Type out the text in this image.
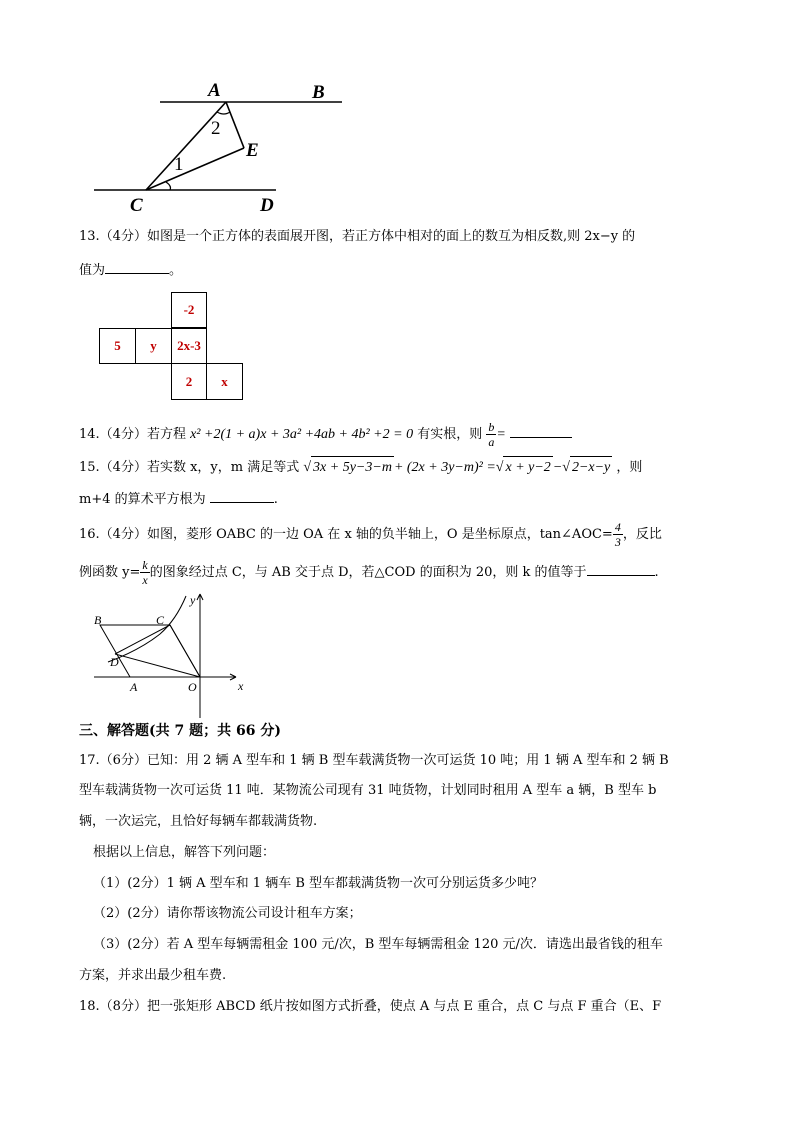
A	B
C	D
E
1
2
13.（4分）如图是一个正方体的表面展开图，若正方体中相对的面上的数互为相反数,则 2x−y 的
值为	。
-2
5 y 2x-3
2 x
14.（4分）若方程 x² +2(1 + a)x + 3a² +4ab + 4b² +2 = 0 有实根，则 $\frac{b}{a}$ =
15.（4分）若实数 x，y，m 满足等式 √ 3x + 5y−3−m + (2x + 3y−m)² =√ x + y−2 −√ 2−x−y ，则
m+4 的算术平方根为	.
16.（4分）如图，菱形 OABC 的一边 OA 在 x 轴的负半轴上，O 是坐标原点，tan∠AOC= $\frac{4}{3}$ ，反比
例函数 $y= \frac{k}{x}$ 的图象经过点 C，与 AB 交于点 D，若△COD 的面积为 20，则 k 的值等于	.
B	C
D
A	O	x
y
三、解答题(共 7 题；共 66 分)
17.（6分）已知：用 2 辆 A 型车和 1 辆 B 型车载满货物一次可运货 10 吨；用 1 辆 A 型车和 2 辆 B
型车载满货物一次可运货 11 吨．某物流公司现有 31 吨货物，计划同时租用 A 型车 a 辆，B 型车 b
辆，一次运完，且恰好每辆车都载满货物.
根据以上信息，解答下列问题：
（1）(2分）1 辆 A 型车和 1 辆车 B 型车都载满货物一次可分别运货多少吨？
（2）(2分）请你帮该物流公司设计租车方案；
（3）(2分）若 A 型车每辆需租金 100 元/次，B 型车每辆需租金 120 元/次．请选出最省钱的租车
方案，并求出最少租车费.
18.（8分）把一张矩形 ABCD 纸片按如图方式折叠，使点 A 与点 E 重合，点 C 与点 F 重合（E、F
